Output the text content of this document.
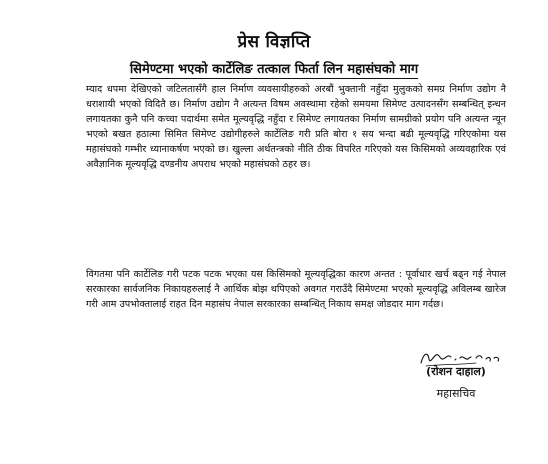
प्रेस विज्ञप्ति
सिमेण्टमा भएको कार्टेलिङ तत्काल फिर्ता लिन महासंघको माग

म्याद धपमा देखिएको जटिलतासँगै हाल निर्माण व्यवसायीहरुको अरबौं भुक्तानी नहुँदा मुलुकको समग्र निर्माण उद्योग नै धराशायी भएको विदितै छ। निर्माण उद्योग नै अत्यन्त विषम अवस्थामा रहेको समयमा सिमेण्ट उत्पादनसँग सम्बन्धित् इन्धन लगायतका कुनै पनि कच्चा पदार्थमा समेत मूल्यवृद्धि नहुँदा र सिमेण्ट लगायतका निर्माण सामग्रीको प्रयोग पनि अत्यन्त न्यून भएको बखत हठात्मा सिमित सिमेण्ट उद्योगीहरुले कार्टेलिङ गरी प्रति बोरा १ सय भन्दा बढी मूल्यवृद्धि गरिएकोमा यस महासंघको गम्भीर ध्यानाकर्षण भएको छ। खुल्ला अर्थतन्त्रको नीति ठीक विपरित गरिएको यस किसिमको अव्यवहारिक एवं अवैज्ञानिक मूल्यवृद्धि दण्डनीय अपराध भएको महासंघको ठहर छ।

विगतमा पनि कार्टेलिङ गरी पटक पटक भएका यस किसिमको मूल्यवृद्धिका कारण अन्तत : पूर्वाधार खर्च बढ्न गई नेपाल सरकारका सार्वजनिक निकायहरुलाई नै आर्थिक बोझ थपिएको अवगत गराउँदै सिमेण्टमा भएको मूल्यवृद्धि अविलम्ब खारेज गरी आम उपभोक्तालाई राहत दिन महासंघ नेपाल सरकारका सम्बन्धित् निकाय समक्ष जोडदार माग गर्दछ।

(रोशन दाहाल)
महासचिव
